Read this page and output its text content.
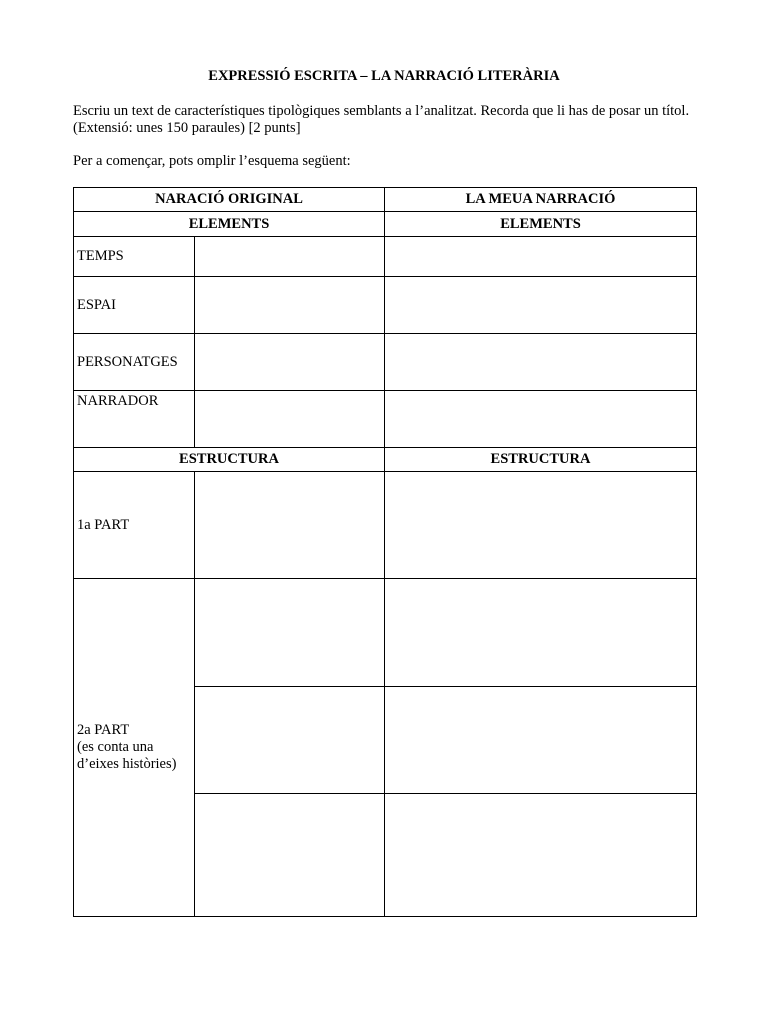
EXPRESSIÓ ESCRITA – LA NARRACIÓ LITERÀRIA

Escriu un text de característiques tipològiques semblants a l’analitzat. Recorda que li has de posar un títol. (Extensió: unes 150 paraules) [2 punts]

Per a començar, pots omplir l’esquema següent:

NARACIÓ ORIGINAL		LA MEUA NARRACIÓ
ELEMENTS		ELEMENTS
TEMPS		
ESPAI		
PERSONATGES		
NARRADOR		
ESTRUCTURA		ESTRUCTURA
1a PART		
2a PART
(es conta una
d’eixes històries)		
